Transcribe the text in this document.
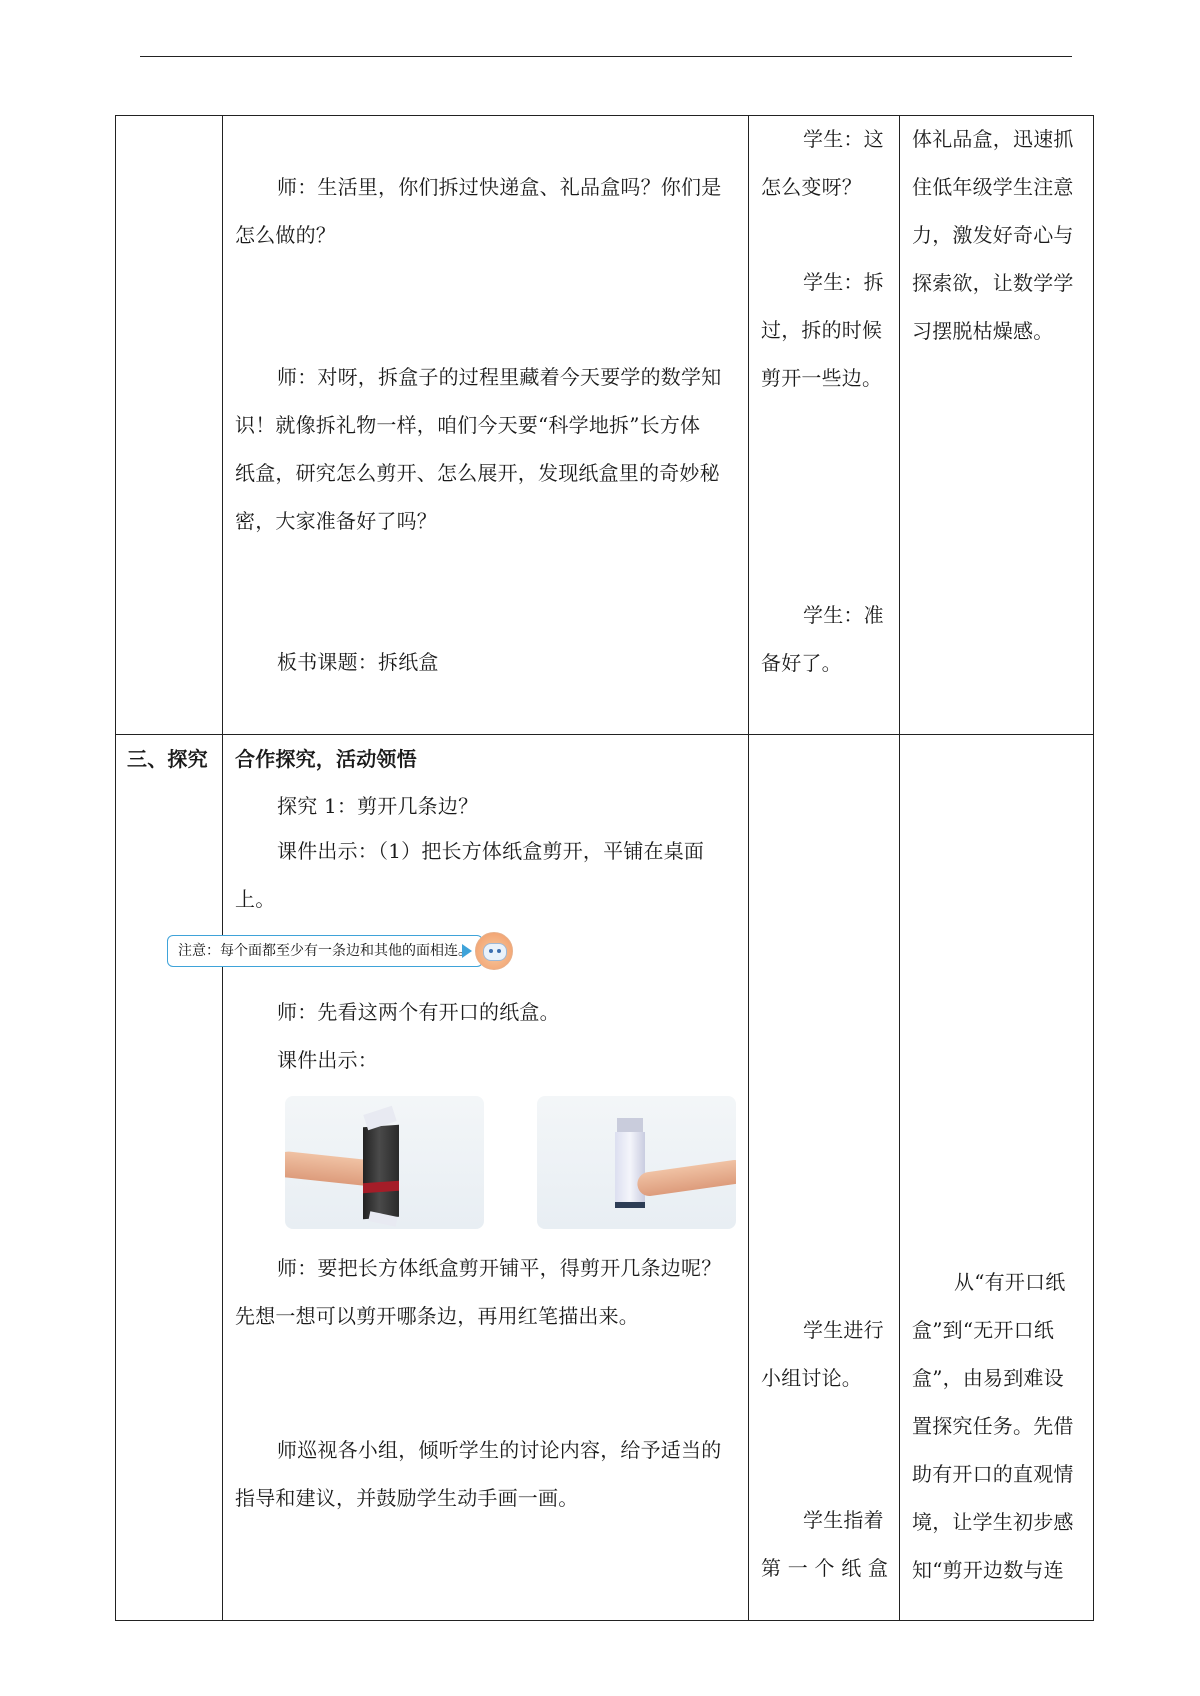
师：生活里，你们拆过快递盒、礼品盒吗？你们是

怎么做的？

师：对呀，拆盒子的过程里藏着今天要学的数学知

识！就像拆礼物一样，咱们今天要“科学地拆”长方体

纸盒，研究怎么剪开、怎么展开，发现纸盒里的奇妙秘

密，大家准备好了吗？

板书课题：拆纸盒

学生：这

怎么变呀？

学生：拆

过，拆的时候

剪开一些边。

学生：准

备好了。

体礼品盒，迅速抓

住低年级学生注意

力，激发好奇心与

探索欲，让数学学

习摆脱枯燥感。

三、探究 合作探究，活动领悟

探究 1：剪开几条边？

课件出示：（1）把长方体纸盒剪开，平铺在桌面

上。

注意：每个面都至少有一条边和其他的面相连。

师：先看这两个有开口的纸盒。

课件出示：

师：要把长方体纸盒剪开铺平，得剪开几条边呢？

先想一想可以剪开哪条边，再用红笔描出来。

师巡视各小组，倾听学生的讨论内容，给予适当的

指导和建议，并鼓励学生动手画一画。

学生进行

小组讨论。

学生指着

第 一 个 纸 盒

从“有开口纸

盒”到“无开口纸

盒”，由易到难设

置探究任务。先借

助有开口的直观情

境，让学生初步感

知“剪开边数与连
